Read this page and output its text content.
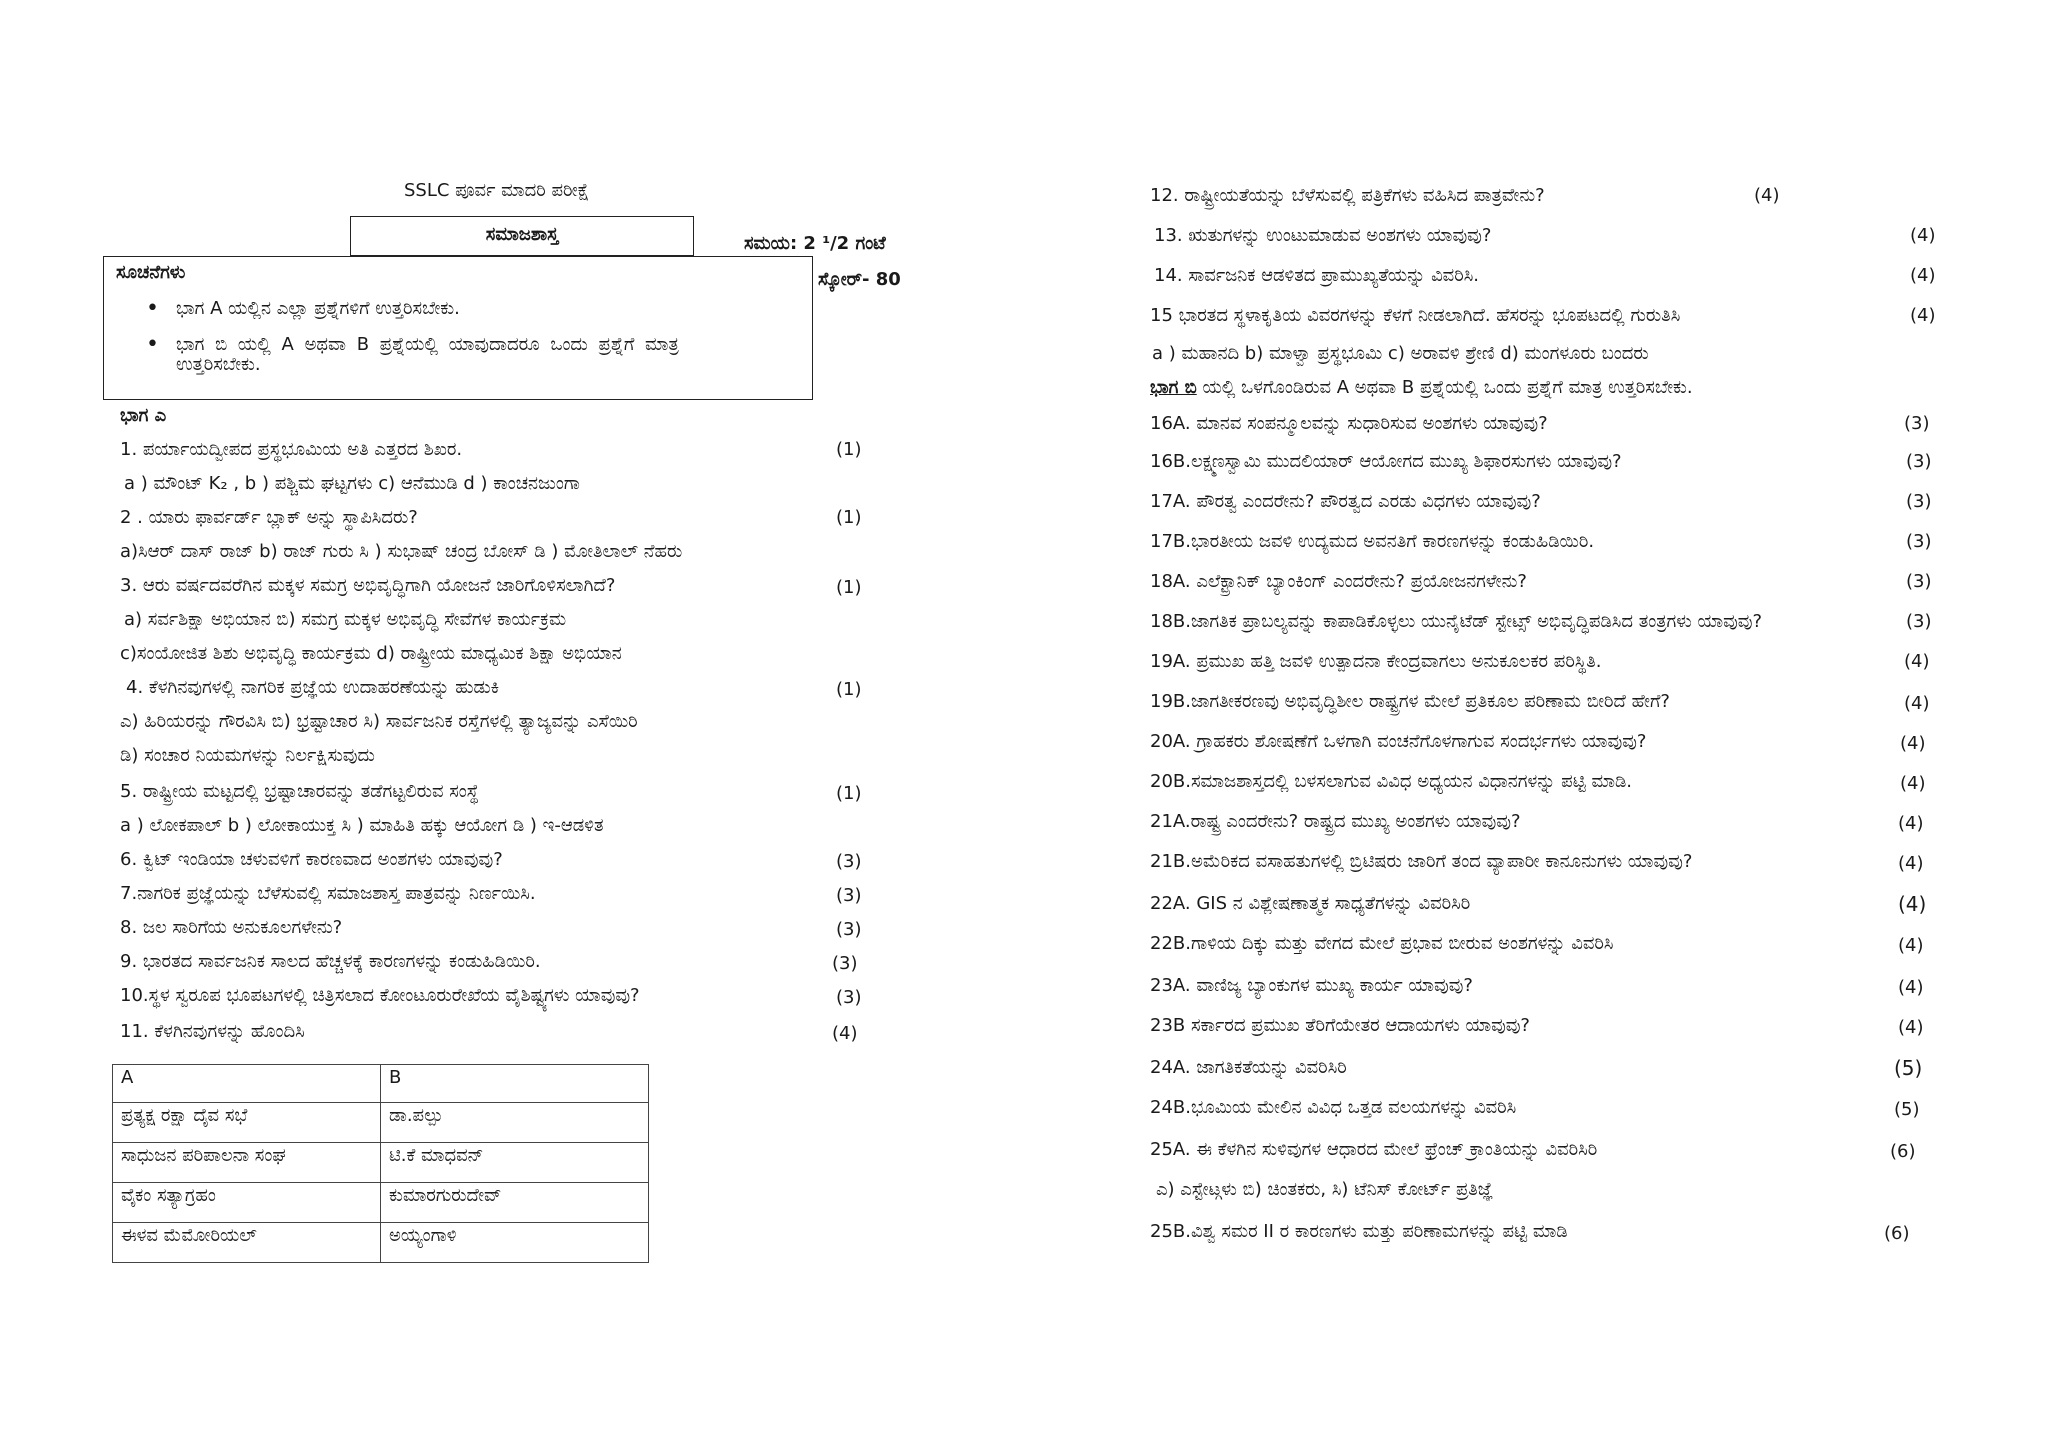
SSLC ಪೂರ್ವ ಮಾದರಿ ಪರೀಕ್ಷೆ
ಸಮಾಜಶಾಸ್ತ	ಸಮಯ: 2 ¹/2 ಗಂಟೆ
ಸ್ಕೋರ್- 80
ಸೂಚನೆಗಳು
• ಭಾಗ A ಯಲ್ಲಿನ ಎಲ್ಲಾ ಪ್ರಶ್ನೆಗಳಿಗೆ ಉತ್ತರಿಸಬೇಕು.
• ಭಾಗ ಬಿ ಯಲ್ಲಿ A ಅಥವಾ B ಪ್ರಶ್ನೆಯಲ್ಲಿ ಯಾವುದಾದರೂ ಒಂದು ಪ್ರಶ್ನೆಗೆ ಮಾತ್ರ
ಉತ್ತರಿಸಬೇಕು.
ಭಾಗ ಎ
1. ಪರ್ಯಾಯದ್ವೀಪದ ಪ್ರಸ್ಥಭೂಮಿಯ ಅತಿ ಎತ್ತರದ ಶಿಖರ.	(1)
a ) ಮೌಂಟ್ K₂ , b ) ಪಶ್ಚಿಮ ಘಟ್ಟಗಳು c) ಆನೆಮುಡಿ d ) ಕಾಂಚನಜುಂಗಾ
2 . ಯಾರು ಫಾರ್ವರ್ಡ್ ಬ್ಲಾಕ್ ಅನ್ನು ಸ್ಥಾಪಿಸಿದರು?	(1)
a)ಸಿಆರ್ ದಾಸ್ ರಾಜ್ b) ರಾಜ್ ಗುರು ಸಿ ) ಸುಭಾಷ್ ಚಂದ್ರ ಬೋಸ್ ಡಿ ) ಮೋತಿಲಾಲ್ ನೆಹರು
3. ಆರು ವರ್ಷದವರೆಗಿನ ಮಕ್ಕಳ ಸಮಗ್ರ ಅಭಿವೃದ್ಧಿಗಾಗಿ ಯೋಜನೆ ಜಾರಿಗೊಳಿಸಲಾಗಿದೆ?	(1)
a) ಸರ್ವಶಿಕ್ಷಾ ಅಭಿಯಾನ ಬಿ) ಸಮಗ್ರ ಮಕ್ಕಳ ಅಭಿವೃದ್ಧಿ ಸೇವೆಗಳ ಕಾರ್ಯಕ್ರಮ
c)ಸಂಯೋಜಿತ ಶಿಶು ಅಭಿವೃದ್ಧಿ ಕಾರ್ಯಕ್ರಮ d) ರಾಷ್ಟ್ರೀಯ ಮಾಧ್ಯಮಿಕ ಶಿಕ್ಷಾ ಅಭಿಯಾನ
4. ಕೆಳಗಿನವುಗಳಲ್ಲಿ ನಾಗರಿಕ ಪ್ರಜ್ಞೆಯ ಉದಾಹರಣೆಯನ್ನು ಹುಡುಕಿ	(1)
ಎ) ಹಿರಿಯರನ್ನು ಗೌರವಿಸಿ ಬಿ) ಭ್ರಷ್ಟಾಚಾರ ಸಿ) ಸಾರ್ವಜನಿಕ ರಸ್ತೆಗಳಲ್ಲಿ ತ್ಯಾಜ್ಯವನ್ನು ಎಸೆಯಿರಿ
ಡಿ) ಸಂಚಾರ ನಿಯಮಗಳನ್ನು ನಿರ್ಲಕ್ಷಿಸುವುದು
5. ರಾಷ್ಟ್ರೀಯ ಮಟ್ಟದಲ್ಲಿ ಭ್ರಷ್ಟಾಚಾರವನ್ನು ತಡೆಗಟ್ಟಲಿರುವ ಸಂಸ್ಥೆ	(1)
a ) ಲೋಕಪಾಲ್ b ) ಲೋಕಾಯುಕ್ತ ಸಿ ) ಮಾಹಿತಿ ಹಕ್ಕು ಆಯೋಗ ಡಿ ) ಇ-ಆಡಳಿತ
6. ಕ್ವಿಟ್ ಇಂಡಿಯಾ ಚಳುವಳಿಗೆ ಕಾರಣವಾದ ಅಂಶಗಳು ಯಾವುವು?	(3)
7.ನಾಗರಿಕ ಪ್ರಜ್ಞೆಯನ್ನು ಬೆಳೆಸುವಲ್ಲಿ ಸಮಾಜಶಾಸ್ತ ಪಾತ್ರವನ್ನು ನಿರ್ಣಯಿಸಿ.	(3)
8. ಜಲ ಸಾರಿಗೆಯ ಅನುಕೂಲಗಳೇನು?	(3)
9. ಭಾರತದ ಸಾರ್ವಜನಿಕ ಸಾಲದ ಹೆಚ್ಚಳಕ್ಕೆ ಕಾರಣಗಳನ್ನು ಕಂಡುಹಿಡಿಯಿರಿ.	(3)
10.ಸ್ಥಳ ಸ್ವರೂಪ ಭೂಪಟಗಳಲ್ಲಿ ಚಿತ್ರಿಸಲಾದ ಕೋಂಟೂರುರೇಖೆಯ ವೈಶಿಷ್ಟ್ಯಗಳು ಯಾವುವು?	(3)
11. ಕೆಳಗಿನವುಗಳನ್ನು ಹೊಂದಿಸಿ	(4)
A	B
ಪ್ರತ್ಯಕ್ಷ ರಕ್ಷಾ ದೈವ ಸಭೆ	ಡಾ.ಪಲ್ಪು
ಸಾಧುಜನ ಪರಿಪಾಲನಾ ಸಂಘ	ಟಿ.ಕೆ ಮಾಧವನ್
ವೈಕಂ ಸತ್ಯಾಗ್ರಹಂ	ಕುಮಾರಗುರುದೇವ್
ಈಳವ ಮೆಮೋರಿಯಲ್	ಅಯ್ಯಂಗಾಳಿ
12. ರಾಷ್ಟ್ರೀಯತೆಯನ್ನು ಬೆಳೆಸುವಲ್ಲಿ ಪತ್ರಿಕೆಗಳು ವಹಿಸಿದ ಪಾತ್ರವೇನು?	(4)
13. ಋತುಗಳನ್ನು ಉಂಟುಮಾಡುವ ಅಂಶಗಳು ಯಾವುವು?	(4)
14. ಸಾರ್ವಜನಿಕ ಆಡಳಿತದ ಪ್ರಾಮುಖ್ಯತೆಯನ್ನು ವಿವರಿಸಿ.	(4)
15 ಭಾರತದ ಸ್ಥಳಾಕೃತಿಯ ವಿವರಗಳನ್ನು ಕೆಳಗೆ ನೀಡಲಾಗಿದೆ. ಹೆಸರನ್ನು ಭೂಪಟದಲ್ಲಿ ಗುರುತಿಸಿ	(4)
a ) ಮಹಾನದಿ b) ಮಾಳ್ವಾ ಪ್ರಸ್ಥಭೂಮಿ c) ಅರಾವಳಿ ಶ್ರೇಣಿ d) ಮಂಗಳೂರು ಬಂದರು
ಭಾಗ ಬಿ ಯಲ್ಲಿ ಒಳಗೊಂಡಿರುವ A ಅಥವಾ B ಪ್ರಶ್ನೆಯಲ್ಲಿ ಒಂದು ಪ್ರಶ್ನೆಗೆ ಮಾತ್ರ ಉತ್ತರಿಸಬೇಕು.
16A. ಮಾನವ ಸಂಪನ್ಮೂಲವನ್ನು ಸುಧಾರಿಸುವ ಅಂಶಗಳು ಯಾವುವು?	(3)
16B.ಲಕ್ಷ್ಮಣಸ್ವಾಮಿ ಮುದಲಿಯಾರ್ ಆಯೋಗದ ಮುಖ್ಯ ಶಿಫಾರಸುಗಳು ಯಾವುವು?	(3)
17A. ಪೌರತ್ವ ಎಂದರೇನು? ಪೌರತ್ವದ ಎರಡು ವಿಧಗಳು ಯಾವುವು?	(3)
17B.ಭಾರತೀಯ ಜವಳಿ ಉದ್ಯಮದ ಅವನತಿಗೆ ಕಾರಣಗಳನ್ನು ಕಂಡುಹಿಡಿಯಿರಿ.	(3)
18A. ಎಲೆಕ್ಟ್ರಾನಿಕ್ ಬ್ಯಾಂಕಿಂಗ್ ಎಂದರೇನು? ಪ್ರಯೋಜನಗಳೇನು?	(3)
18B.ಜಾಗತಿಕ ಪ್ರಾಬಲ್ಯವನ್ನು ಕಾಪಾಡಿಕೊಳ್ಳಲು ಯುನೈಟೆಡ್ ಸ್ಟೇಟ್ಸ್ ಅಭಿವೃದ್ಧಿಪಡಿಸಿದ ತಂತ್ರಗಳು ಯಾವುವು?	(3)
19A. ಪ್ರಮುಖ ಹತ್ತಿ ಜವಳಿ ಉತ್ಪಾದನಾ ಕೇಂದ್ರವಾಗಲು ಅನುಕೂಲಕರ ಪರಿಸ್ಥಿತಿ.	(4)
19B.ಜಾಗತೀಕರಣವು ಅಭಿವೃದ್ಧಿಶೀಲ ರಾಷ್ಟ್ರಗಳ ಮೇಲೆ ಪ್ರತಿಕೂಲ ಪರಿಣಾಮ ಬೀರಿದೆ ಹೇಗೆ?	(4)
20A. ಗ್ರಾಹಕರು ಶೋಷಣೆಗೆ ಒಳಗಾಗಿ ವಂಚನೆಗೊಳಗಾಗುವ ಸಂದರ್ಭಗಳು ಯಾವುವು?	(4)
20B.ಸಮಾಜಶಾಸ್ತದಲ್ಲಿ ಬಳಸಲಾಗುವ ವಿವಿಧ ಅಧ್ಯಯನ ವಿಧಾನಗಳನ್ನು ಪಟ್ಟಿ ಮಾಡಿ.	(4)
21A.ರಾಷ್ಟ್ರ ಎಂದರೇನು? ರಾಷ್ಟ್ರದ ಮುಖ್ಯ ಅಂಶಗಳು ಯಾವುವು?	(4)
21B.ಅಮೆರಿಕದ ವಸಾಹತುಗಳಲ್ಲಿ ಬ್ರಿಟಿಷರು ಜಾರಿಗೆ ತಂದ ವ್ಯಾಪಾರೀ ಕಾನೂನುಗಳು ಯಾವುವು?	(4)
22A. GIS ನ ವಿಶ್ಲೇಷಣಾತ್ಮಕ ಸಾಧ್ಯತೆಗಳನ್ನು ವಿವರಿಸಿರಿ	(4)
22B.ಗಾಳಿಯ ದಿಕ್ಕು ಮತ್ತು ವೇಗದ ಮೇಲೆ ಪ್ರಭಾವ ಬೀರುವ ಅಂಶಗಳನ್ನು ವಿವರಿಸಿ	(4)
23A. ವಾಣಿಜ್ಯ ಬ್ಯಾಂಕುಗಳ ಮುಖ್ಯ ಕಾರ್ಯ ಯಾವುವು?	(4)
23B ಸರ್ಕಾರದ ಪ್ರಮುಖ ತೆರಿಗೆಯೇತರ ಆದಾಯಗಳು ಯಾವುವು?	(4)
24A. ಜಾಗತಿಕತೆಯನ್ನು ವಿವರಿಸಿರಿ	(5)
24B.ಭೂಮಿಯ ಮೇಲಿನ ವಿವಿಧ ಒತ್ತಡ ವಲಯಗಳನ್ನು ವಿವರಿಸಿ	(5)
25A. ಈ ಕೆಳಗಿನ ಸುಳಿವುಗಳ ಆಧಾರದ ಮೇಲೆ ಫ್ರೆಂಚ್ ಕ್ರಾಂತಿಯನ್ನು ವಿವರಿಸಿರಿ	(6)
ಎ) ಎಸ್ಟೇಟ್ಗಳು ಬಿ) ಚಿಂತಕರು, ಸಿ) ಟೆನಿಸ್ ಕೋರ್ಟ್ ಪ್ರತಿಜ್ಞೆ
25B.ವಿಶ್ವ ಸಮರ II ರ ಕಾರಣಗಳು ಮತ್ತು ಪರಿಣಾಮಗಳನ್ನು ಪಟ್ಟಿ ಮಾಡಿ	(6)
